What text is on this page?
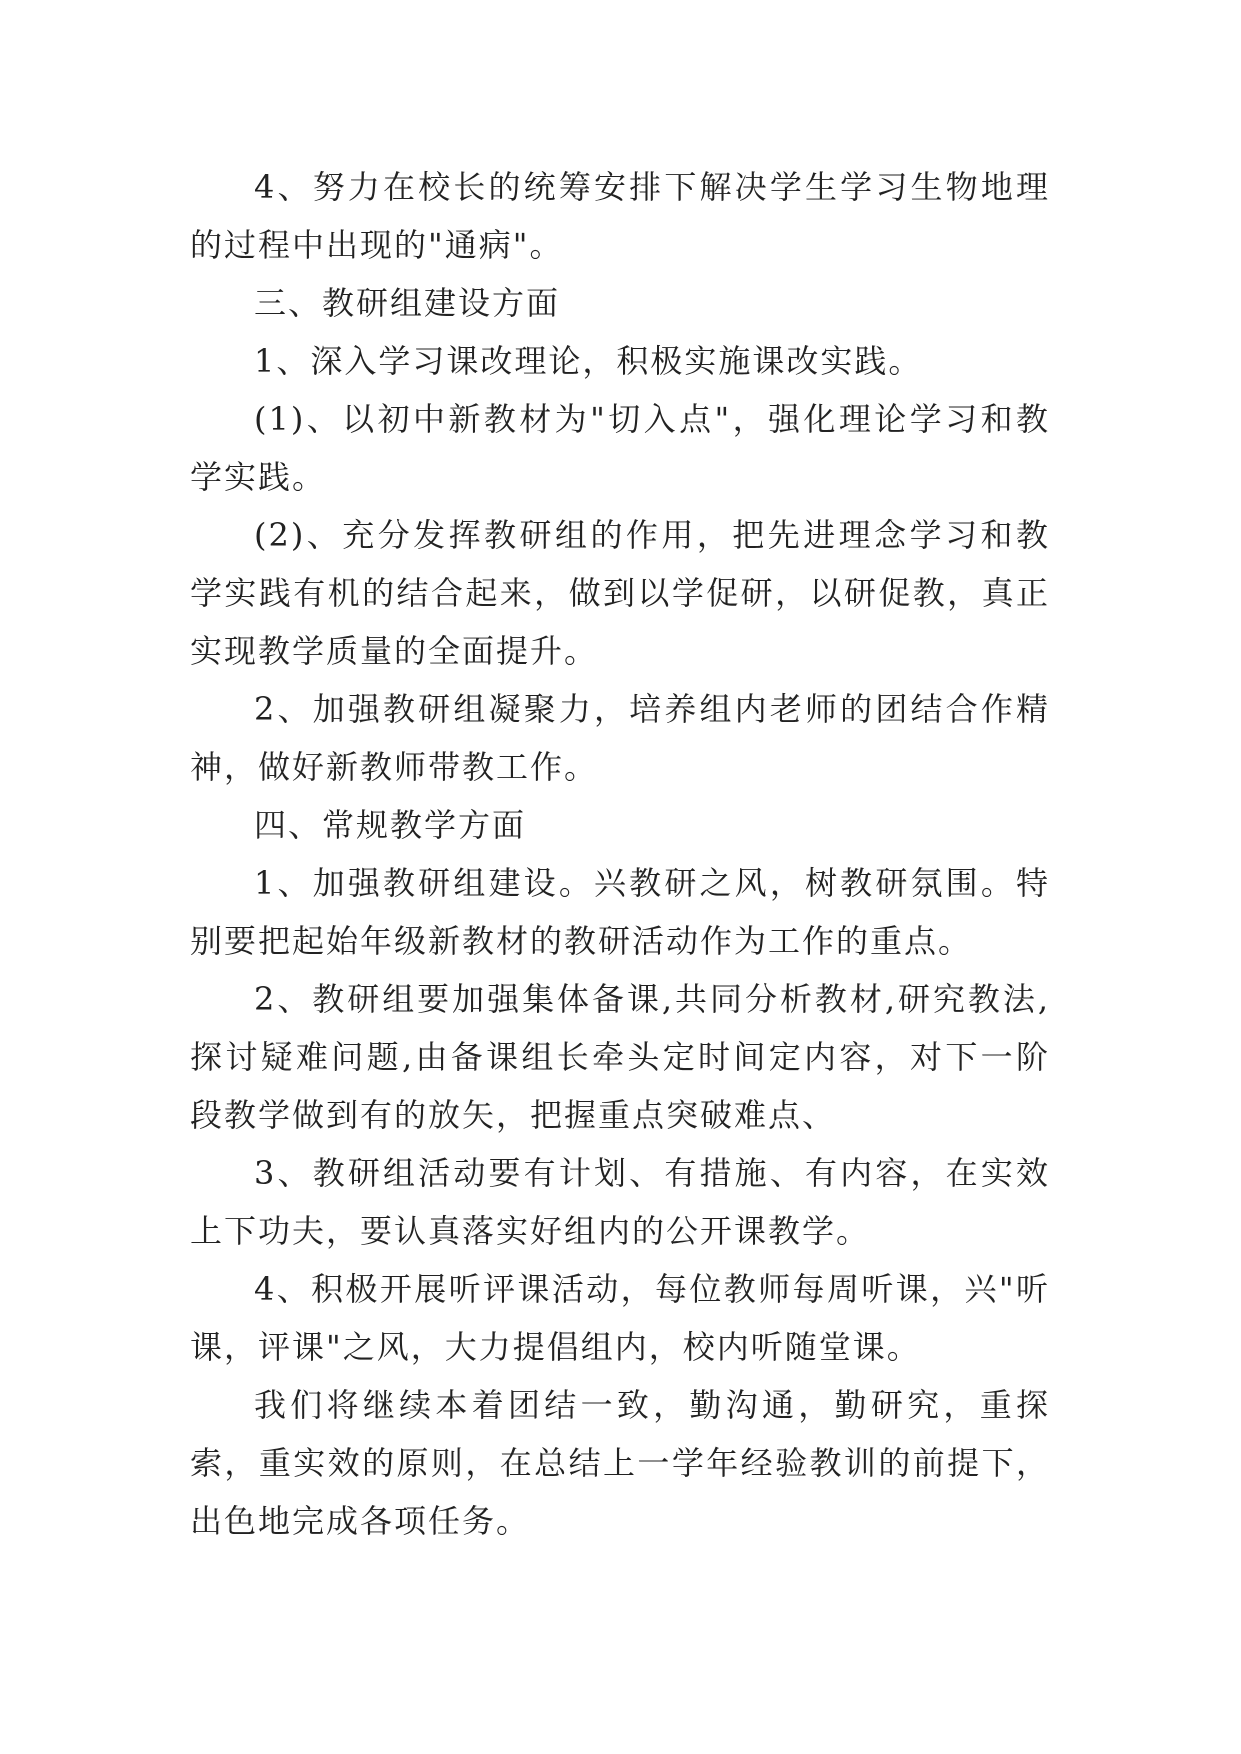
4、努力在校长的统筹安排下解决学生学习生物地理的过程中出现的"通病"。

三、教研组建设方面

1、深入学习课改理论，积极实施课改实践。

(1)、以初中新教材为"切入点"，强化理论学习和教学实践。

(2)、充分发挥教研组的作用，把先进理念学习和教学实践有机的结合起来，做到以学促研，以研促教，真正实现教学质量的全面提升。

2、加强教研组凝聚力，培养组内老师的团结合作精神，做好新教师带教工作。

四、常规教学方面

1、加强教研组建设。兴教研之风，树教研氛围。特别要把起始年级新教材的教研活动作为工作的重点。

2、教研组要加强集体备课,共同分析教材,研究教法,探讨疑难问题,由备课组长牵头定时间定内容，对下一阶段教学做到有的放矢，把握重点突破难点、

3、教研组活动要有计划、有措施、有内容，在实效上下功夫，要认真落实好组内的公开课教学。

4、积极开展听评课活动，每位教师每周听课，兴"听课，评课"之风，大力提倡组内，校内听随堂课。

我们将继续本着团结一致，勤沟通，勤研究，重探索，重实效的原则，在总结上一学年经验教训的前提下，出色地完成各项任务。
